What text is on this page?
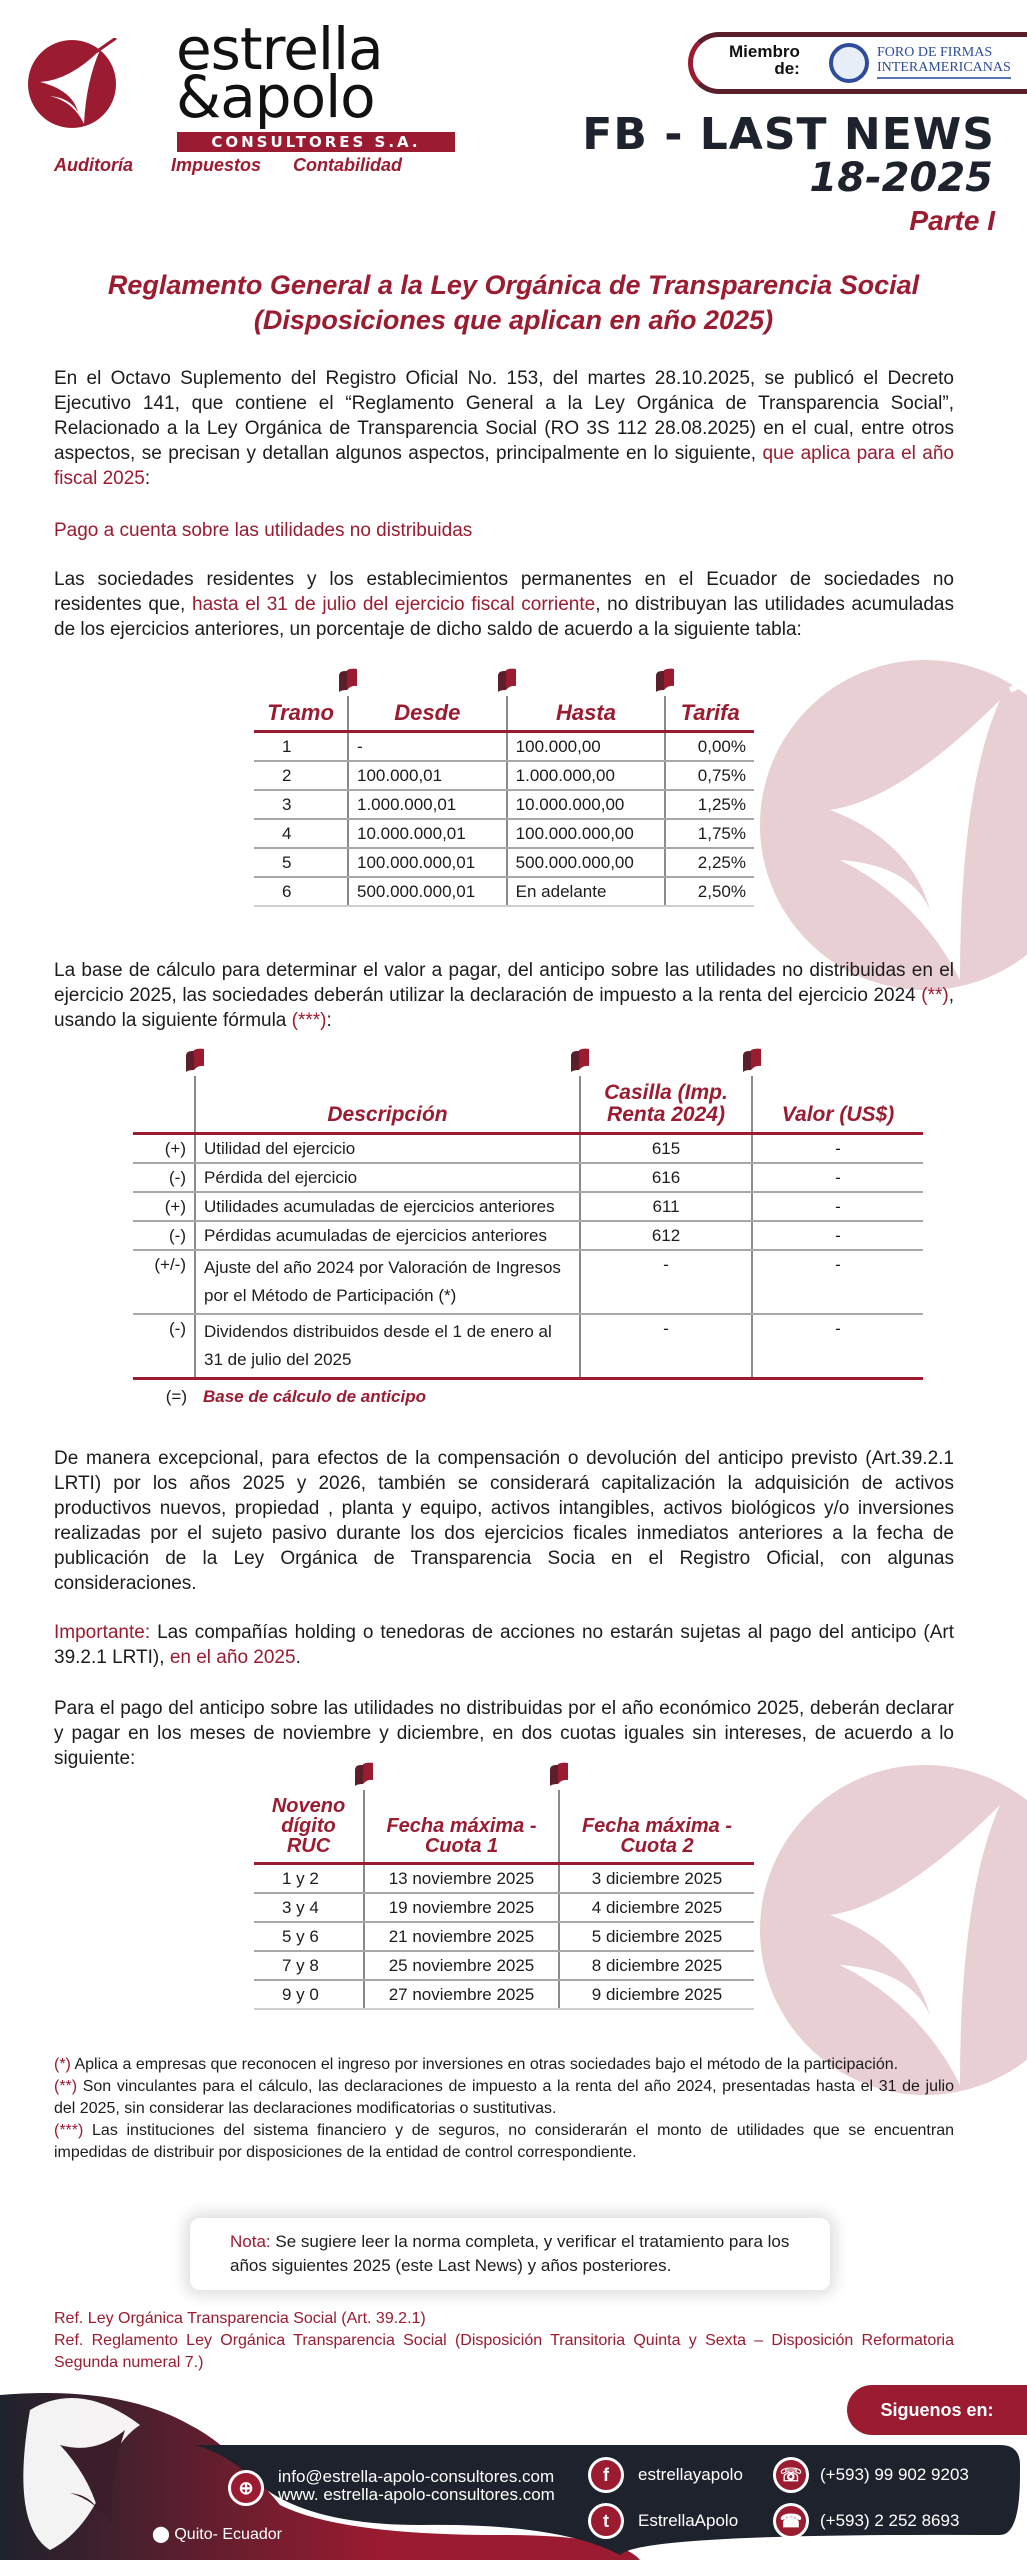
estrella
&apolo
CONSULTORES S.A.
Auditoría Impuestos Contabilidad
Miembro
de:
FORO DE FIRMAS
INTERAMERICANAS
FB - LAST NEWS
18-2025
Parte I
Reglamento General a la Ley Orgánica de Transparencia Social
(Disposiciones que aplican en año 2025)
En el Octavo Suplemento del Registro Oficial No. 153, del martes 28.10.2025, se publicó el Decreto Ejecutivo 141, que contiene el “Reglamento General a la Ley Orgánica de Transparencia Social”, Relacionado a la Ley Orgánica de Transparencia Social (RO 3S 112 28.08.2025) en el cual, entre otros aspectos, se precisan y detallan algunos aspectos, principalmente en lo siguiente, que aplica para el año fiscal 2025:
Pago a cuenta sobre las utilidades no distribuidas
Las sociedades residentes y los establecimientos permanentes en el Ecuador de sociedades no residentes que, hasta el 31 de julio del ejercicio fiscal corriente, no distribuyan las utilidades acumuladas de los ejercicios anteriores, un porcentaje de dicho saldo de acuerdo a la siguiente tabla:
Tramo	Desde	Hasta	Tarifa
1	-	100.000,00	0,00%
2	100.000,01	1.000.000,00	0,75%
3	1.000.000,01	10.000.000,00	1,25%
4	10.000.000,01	100.000.000,00	1,75%
5	100.000.000,01	500.000.000,00	2,25%
6	500.000.000,01	En adelante	2,50%
La base de cálculo para determinar el valor a pagar, del anticipo sobre las utilidades no distribuidas en el ejercicio 2025, las sociedades deberán utilizar la declaración de impuesto a la renta del ejercicio 2024 (**), usando la siguiente fórmula (***):

Descripción	Casilla (Imp. Renta 2024)	Valor (US$)
(+)	Utilidad del ejercicio	615	-
(-)	Pérdida del ejercicio	616	-
(+)	Utilidades acumuladas de ejercicios anteriores	611	-
(-)	Pérdidas acumuladas de ejercicios anteriores	612	-
(+/-)	Ajuste del año 2024 por Valoración de Ingresos por el Método de Participación (*)	-	-
(-)	Dividendos distribuidos desde el 1 de enero al 31 de julio del 2025	-	-
(=)	Base de cálculo de anticipo		
De manera excepcional, para efectos de la compensación o devolución del anticipo previsto (Art.39.2.1 LRTI) por los años 2025 y 2026, también se considerará capitalización la adquisición de activos productivos nuevos, propiedad , planta y equipo, activos intangibles, activos biológicos y/o inversiones realizadas por el sujeto pasivo durante los dos ejercicios ficales inmediatos anteriores a la fecha de publicación de la Ley Orgánica de Transparencia Socia en el Registro Oficial, con algunas consideraciones.
Importante: Las compañías holding o tenedoras de acciones no estarán sujetas al pago del anticipo (Art 39.2.1 LRTI), en el año 2025.
Para el pago del anticipo sobre las utilidades no distribuidas por el año económico 2025, deberán declarar y pagar en los meses de noviembre y diciembre, en dos cuotas iguales sin intereses, de acuerdo a lo siguiente:
Noveno dígito RUC	Fecha máxima - Cuota 1	Fecha máxima - Cuota 2
1 y 2	13 noviembre 2025	3 diciembre 2025
3 y 4	19 noviembre 2025	4 diciembre 2025
5 y 6	21 noviembre 2025	5 diciembre 2025
7 y 8	25 noviembre 2025	8 diciembre 2025
9 y 0	27 noviembre 2025	9 diciembre 2025
(*) Aplica a empresas que reconocen el ingreso por inversiones en otras sociedades bajo el método de la participación.
(**) Son vinculantes para el cálculo, las declaraciones de impuesto a la renta del año 2024, presentadas hasta el 31 de julio del 2025, sin considerar las declaraciones modificatorias o sustitutivas.
(***) Las instituciones del sistema financiero y de seguros, no considerarán el monto de utilidades que se encuentran impedidas de distribuir por disposiciones de la entidad de control correspondiente.
Nota: Se sugiere leer la norma completa, y verificar el tratamiento para los años siguientes 2025 (este Last News) y años posteriores.
Ref. Ley Orgánica Transparencia Social (Art. 39.2.1)
Ref. Reglamento Ley Orgánica Transparencia Social (Disposición Transitoria Quinta y Sexta – Disposición Reformatoria Segunda numeral 7.)
Siguenos en:
⊕
info@estrella-apolo-consultores.com
www. estrella-apolo-consultores.com
f	estrellayapolo
t	EstrellaApolo
☏	(+593) 99 902 9203
☎	(+593) 2 252 8693
⬤ Quito- Ecuador
